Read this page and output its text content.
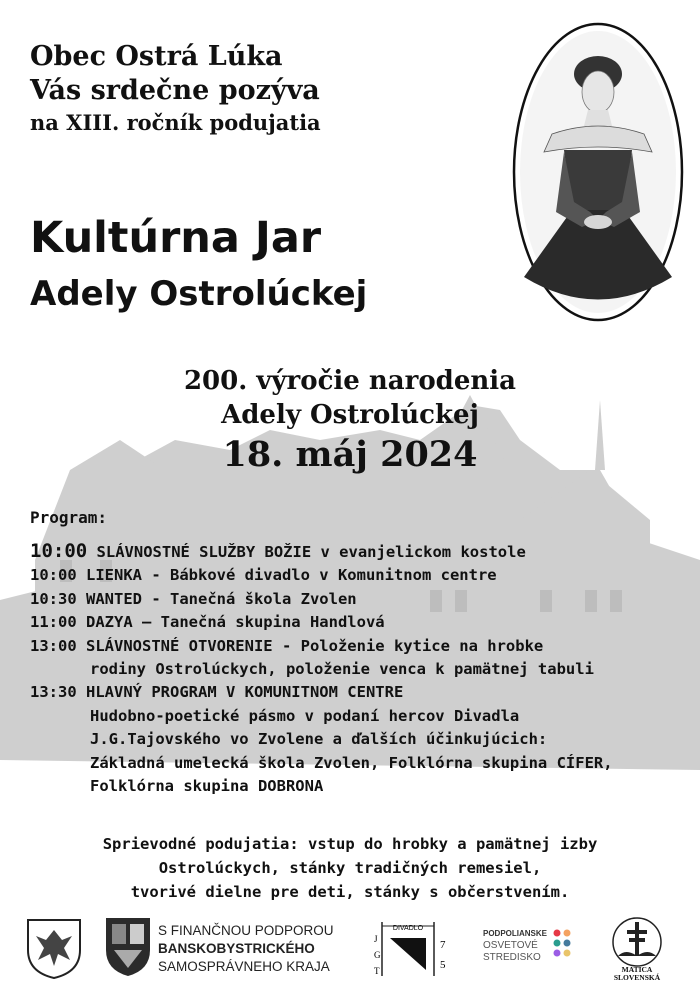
Obec Ostrá Lúka
Vás srdečne pozýva
na XIII. ročník podujatia
Kultúrna Jar
Adely Ostrolúckej
200. výročie narodenia
Adely Ostrolúckej
18. máj 2024
Program:
10:00 SLÁVNOSTNÉ SLUŽBY BOŽIE v evanjelickom kostole
10:00 LIENKA - Bábkové divadlo v Komunitnom centre
10:30 WANTED - Tanečná škola Zvolen
11:00 DAZYA – Tanečná skupina Handlová
13:00 SLÁVNOSTNÉ OTVORENIE - Položenie kytice na hrobke
rodiny Ostrolúckych, položenie venca k pamätnej tabuli
13:30 HLAVNÝ PROGRAM V KOMUNITNOM CENTRE
Hudobno-poetické pásmo v podaní hercov Divadla
J.G.Tajovského vo Zvolene a ďalších účinkujúcich:
Základná umelecká škola Zvolen, Folklórna skupina CÍFER,
Folklórna skupina DOBRONA
Sprievodné podujatia: vstup do hrobky a pamätnej izby
Ostrolúckych, stánky tradičných remesiel,
tvorivé dielne pre deti, stánky s občerstvením.
S FINANČNOU PODPOROU
BANSKOBYSTRICKÉHO
SAMOSPRÁVNEHO KRAJA
DIVADLO
J
G
T
7
5
PODPOLIANSKE
OSVETOVÉ
STREDISKO
MATICA
SLOVENSKÁ
